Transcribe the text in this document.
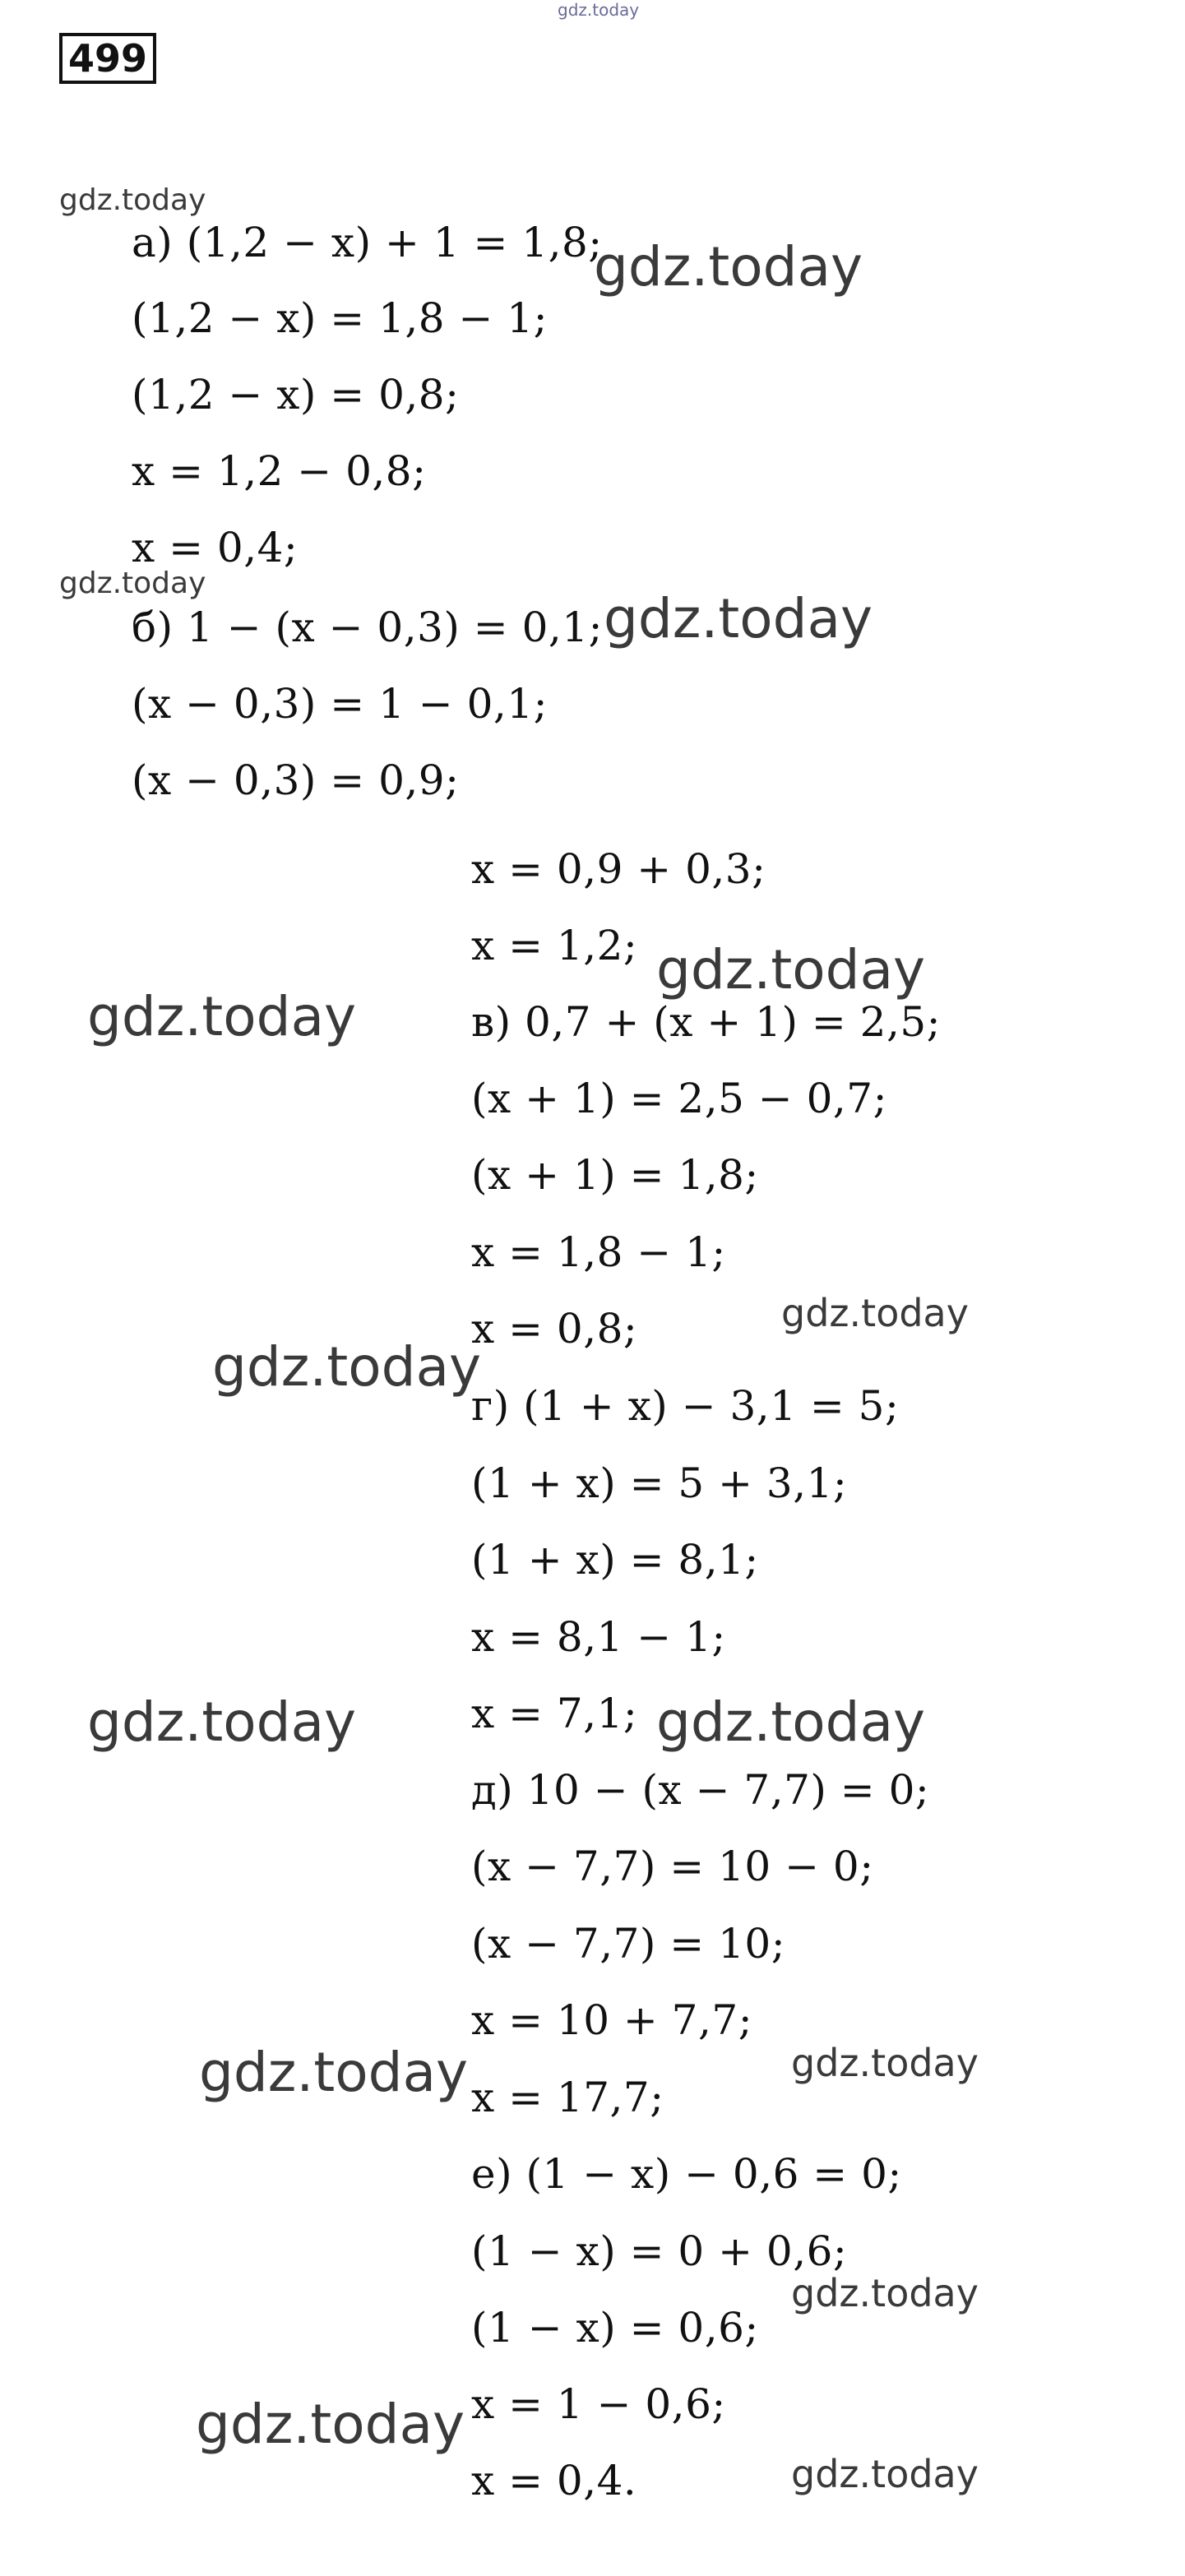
499
а) (1,2 − x) + 1 = 1,8;
(1,2 − x) = 1,8 − 1;
(1,2 − x) = 0,8;
x = 1,2 − 0,8;
x = 0,4;
б) 1 − (x − 0,3) = 0,1;
(x − 0,3) = 1 − 0,1;
(x − 0,3) = 0,9;
x = 0,9 + 0,3;
x = 1,2;
в) 0,7 + (x + 1) = 2,5;
(x + 1) = 2,5 − 0,7;
(x + 1) = 1,8;
x = 1,8 − 1;
x = 0,8;
г) (1 + x) − 3,1 = 5;
(1 + x) = 5 + 3,1;
(1 + x) = 8,1;
x = 8,1 − 1;
x = 7,1;
д) 10 − (x − 7,7) = 0;
(x − 7,7) = 10 − 0;
(x − 7,7) = 10;
x = 10 + 7,7;
x = 17,7;
е) (1 − x) − 0,6 = 0;
(1 − x) = 0 + 0,6;
(1 − x) = 0,6;
x = 1 − 0,6;
x = 0,4.
gdz.today
gdz.today
gdz.today
gdz.today
gdz.today
gdz.today
gdz.today
gdz.today
gdz.today
gdz.today	gdz.today
gdz.today
gdz.today
gdz.today
gdz.today
gdz.today
